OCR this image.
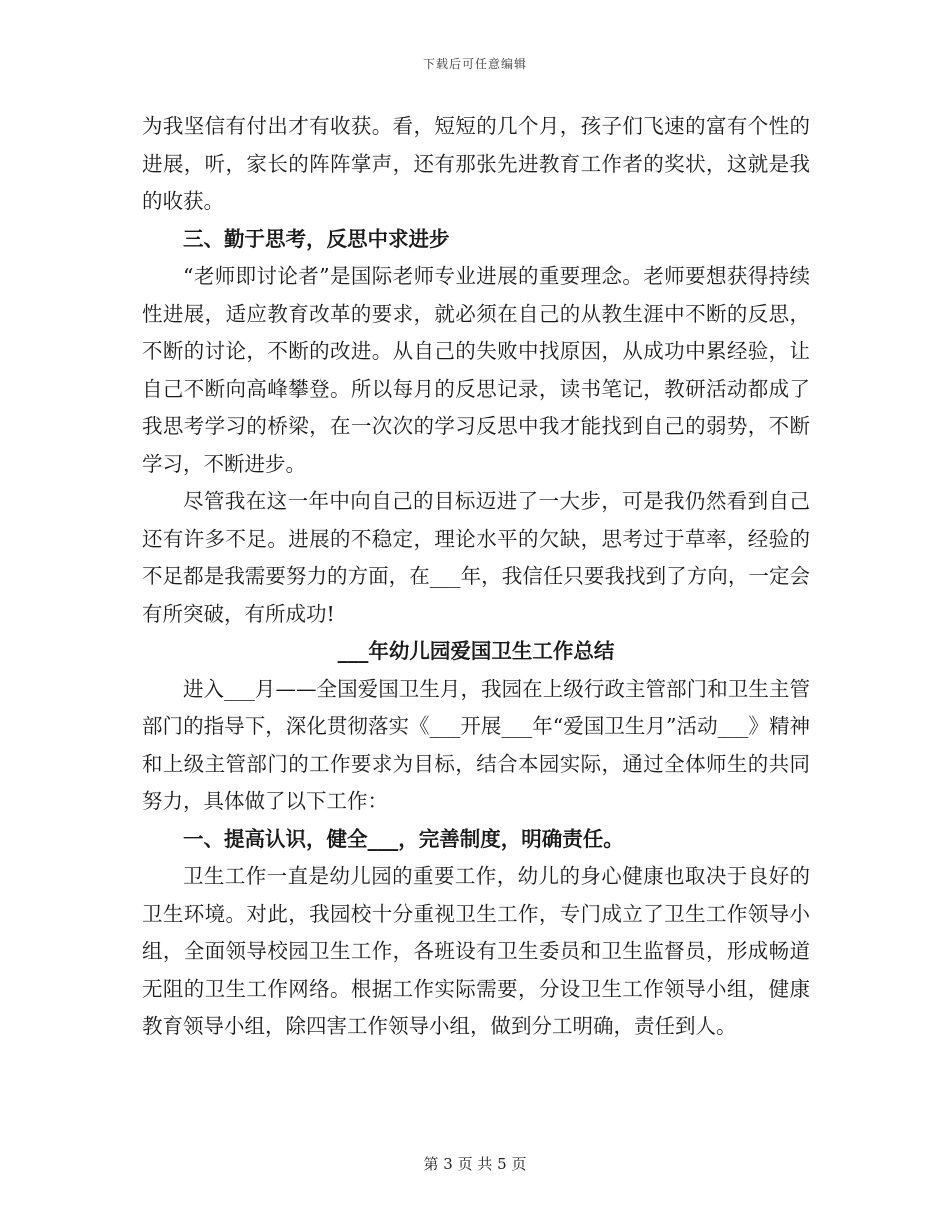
下载后可任意编辑

为我坚信有付出才有收获。看，短短的几个月，孩子们飞速的富有个性的进展，听，家长的阵阵掌声，还有那张先进教育工作者的奖状，这就是我的收获。

三、勤于思考，反思中求进步

“老师即讨论者”是国际老师专业进展的重要理念。老师要想获得持续性进展，适应教育改革的要求，就必须在自己的从教生涯中不断的反思，不断的讨论，不断的改进。从自己的失败中找原因，从成功中累经验，让自己不断向高峰攀登。所以每月的反思记录，读书笔记，教研活动都成了我思考学习的桥梁，在一次次的学习反思中我才能找到自己的弱势，不断学习，不断进步。

尽管我在这一年中向自己的目标迈进了一大步，可是我仍然看到自己还有许多不足。进展的不稳定，理论水平的欠缺，思考过于草率，经验的不足都是我需要努力的方面，在___年，我信任只要我找到了方向，一定会有所突破，有所成功!

___年幼儿园爱国卫生工作总结

进入___月——全国爱国卫生月，我园在上级行政主管部门和卫生主管部门的指导下，深化贯彻落实《___开展___年“爱国卫生月”活动___》精神和上级主管部门的工作要求为目标，结合本园实际，通过全体师生的共同努力，具体做了以下工作：

一、提高认识，健全___，完善制度，明确责任。

卫生工作一直是幼儿园的重要工作，幼儿的身心健康也取决于良好的卫生环境。对此，我园校十分重视卫生工作，专门成立了卫生工作领导小组，全面领导校园卫生工作，各班设有卫生委员和卫生监督员，形成畅道无阻的卫生工作网络。根据工作实际需要，分设卫生工作领导小组，健康教育领导小组，除四害工作领导小组，做到分工明确，责任到人。

第 3 页 共 5 页
